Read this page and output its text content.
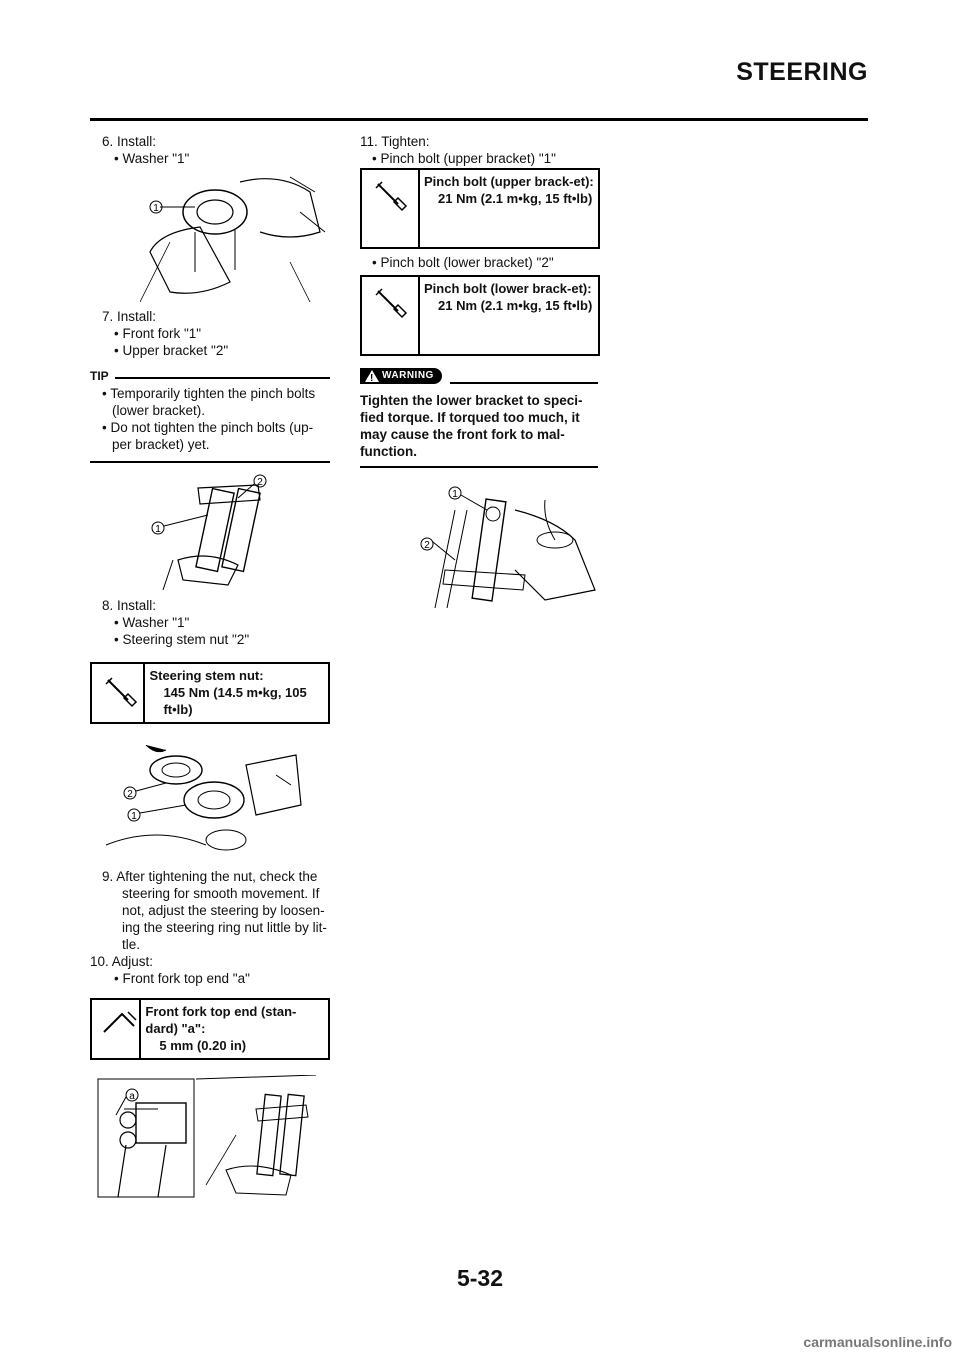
STEERING
6. Install:
• Washer "1"
1
7. Install:
• Front fork "1"
• Upper bracket "2"
TIP
• Temporarily tighten the pinch bolts (lower bracket).
• Do not tighten the pinch bolts (up-per bracket) yet.
2
1
8. Install:
• Washer "1"
• Steering stem nut "2"
Steering stem nut:
145 Nm (14.5 m•kg, 105 ft•lb)
2
1
9. After tightening the nut, check the steering for smooth movement. If not, adjust the steering by loosen-ing the steering ring nut little by lit-tle.
10. Adjust:
• Front fork top end "a"
Front fork top end (stan-dard) "a":
5 mm (0.20 in)
a
11. Tighten:
• Pinch bolt (upper bracket) "1"
Pinch bolt (upper brack-et):
21 Nm (2.1 m•kg, 15 ft•lb)
• Pinch bolt (lower bracket) "2"
Pinch bolt (lower brack-et):
21 Nm (2.1 m•kg, 15 ft•lb)
! WARNING
Tighten the lower bracket to speci-fied torque. If torqued too much, it may cause the front fork to mal-function.
1
2
5-32
carmanualsonline.info
